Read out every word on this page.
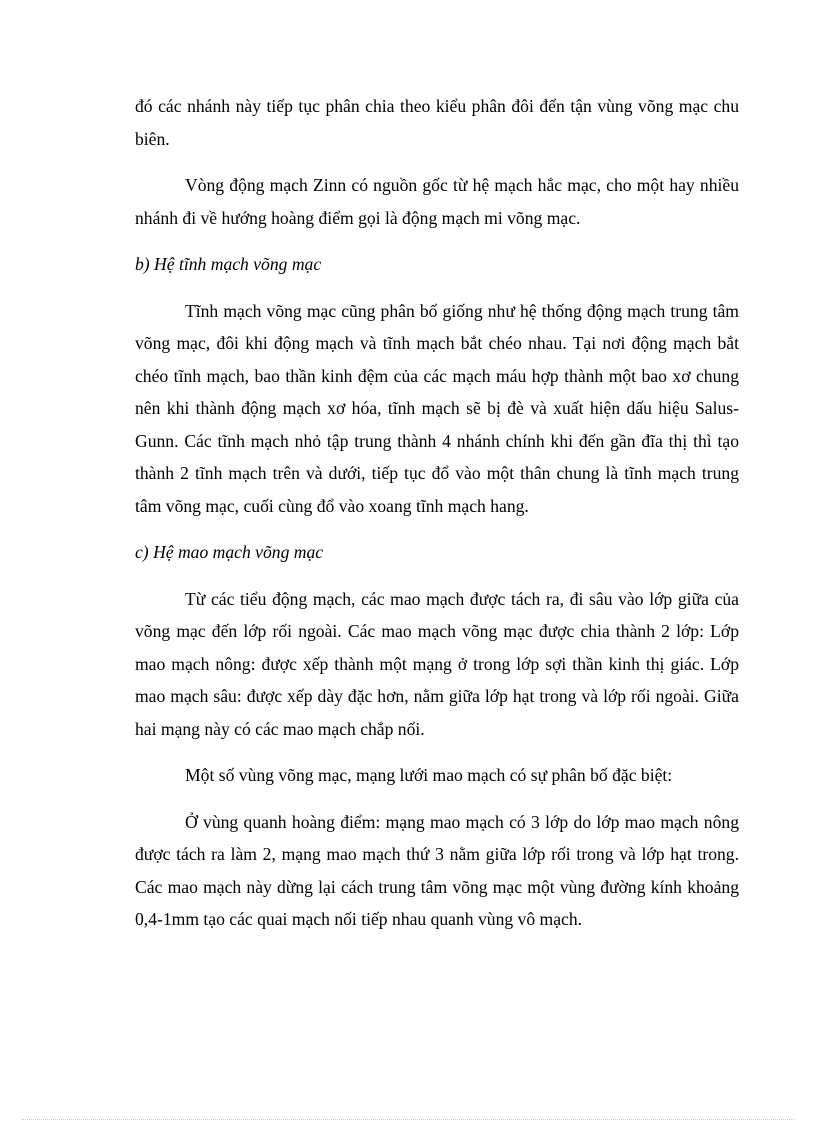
đó các nhánh này tiếp tục phân chia theo kiểu phân đôi đến tận vùng võng mạc chu biên.

Vòng động mạch Zinn có nguồn gốc từ hệ mạch hắc mạc, cho một hay nhiều nhánh đi về hướng hoàng điểm gọi là động mạch mi võng mạc.

b) Hệ tĩnh mạch võng mạc

Tĩnh mạch võng mạc cũng phân bố giống như hệ thống động mạch trung tâm võng mạc, đôi khi động mạch và tĩnh mạch bắt chéo nhau. Tại nơi động mạch bắt chéo tĩnh mạch, bao thần kinh đệm của các mạch máu hợp thành một bao xơ chung nên khi thành động mạch xơ hóa, tĩnh mạch sẽ bị đè và xuất hiện dấu hiệu Salus-Gunn. Các tĩnh mạch nhỏ tập trung thành 4 nhánh chính khi đến gần đĩa thị thì tạo thành 2 tĩnh mạch trên và dưới, tiếp tục đổ vào một thân chung là tĩnh mạch trung tâm võng mạc, cuối cùng đổ vào xoang tĩnh mạch hang.

c) Hệ mao mạch võng mạc

Từ các tiểu động mạch, các mao mạch được tách ra, đi sâu vào lớp giữa của võng mạc đến lớp rối ngoài. Các mao mạch võng mạc được chia thành 2 lớp: Lớp mao mạch nông: được xếp thành một mạng ở trong lớp sợi thần kinh thị giác. Lớp mao mạch sâu: được xếp dày đặc hơn, nằm giữa lớp hạt trong và lớp rối ngoài. Giữa hai mạng này có các mao mạch chắp nối.

Một số vùng võng mạc, mạng lưới mao mạch có sự phân bố đặc biệt:

Ở vùng quanh hoàng điểm: mạng mao mạch có 3 lớp do lớp mao mạch nông được tách ra làm 2, mạng mao mạch thứ 3 nằm giữa lớp rối trong và lớp hạt trong. Các mao mạch này dừng lại cách trung tâm võng mạc một vùng đường kính khoảng 0,4-1mm tạo các quai mạch nối tiếp nhau quanh vùng vô mạch.
